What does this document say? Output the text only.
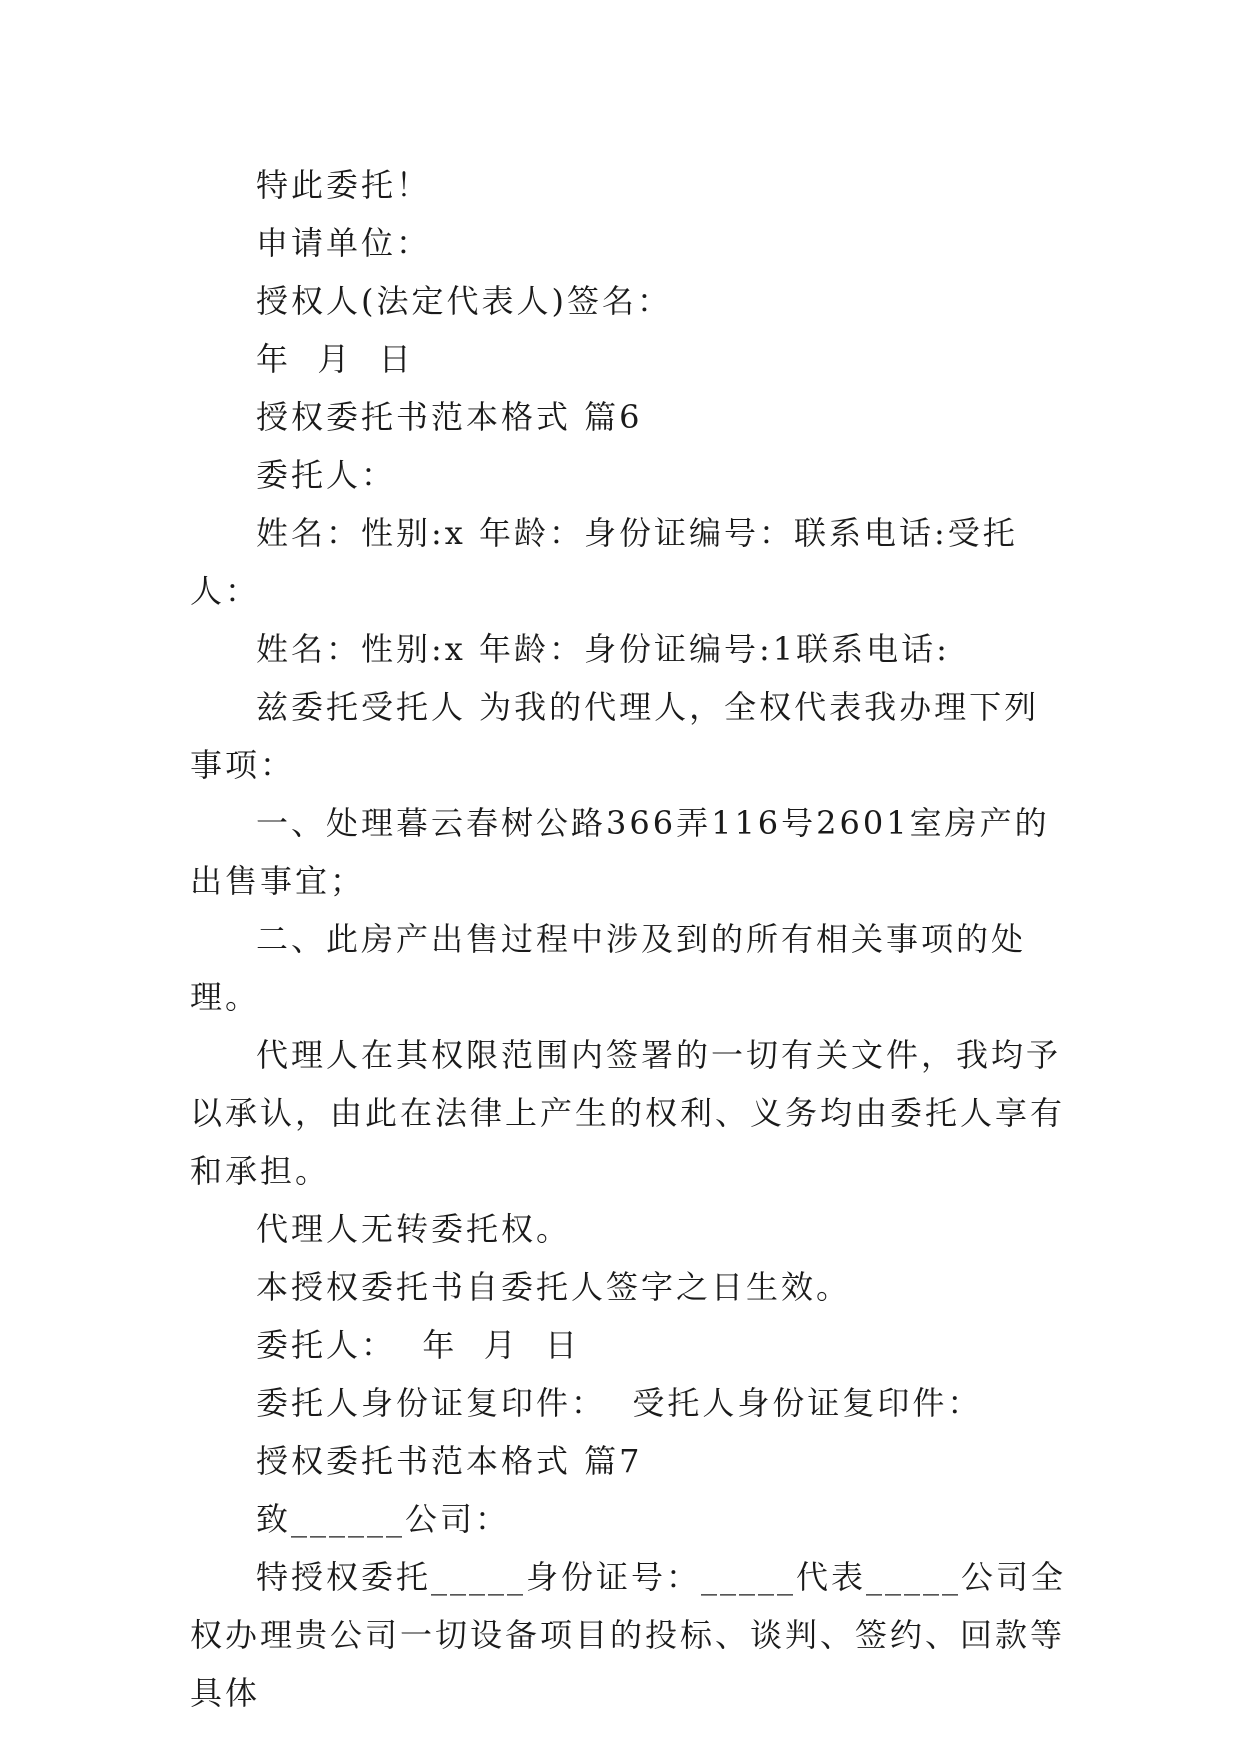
特此委托！

申请单位：

授权人(法定代表人)签名：

年  月  日

授权委托书范本格式 篇6

委托人：

姓名：性别:x 年龄：身份证编号：联系电话:受托人：

姓名：性别:x 年龄：身份证编号:1联系电话:

兹委托受托人 为我的代理人，全权代表我办理下列事项：

一、处理暮云春树公路366弄116号2601室房产的出售事宜；

二、此房产出售过程中涉及到的所有相关事项的处理。

代理人在其权限范围内签署的一切有关文件，我均予以承认，由此在法律上产生的权利、义务均由委托人享有和承担。

代理人无转委托权。

本授权委托书自委托人签字之日生效。

委托人：  年  月  日

委托人身份证复印件：  受托人身份证复印件：

授权委托书范本格式 篇7

致______公司：

特授权委托_____身份证号：_____代表_____公司全权办理贵公司一切设备项目的投标、谈判、签约、回款等具体
